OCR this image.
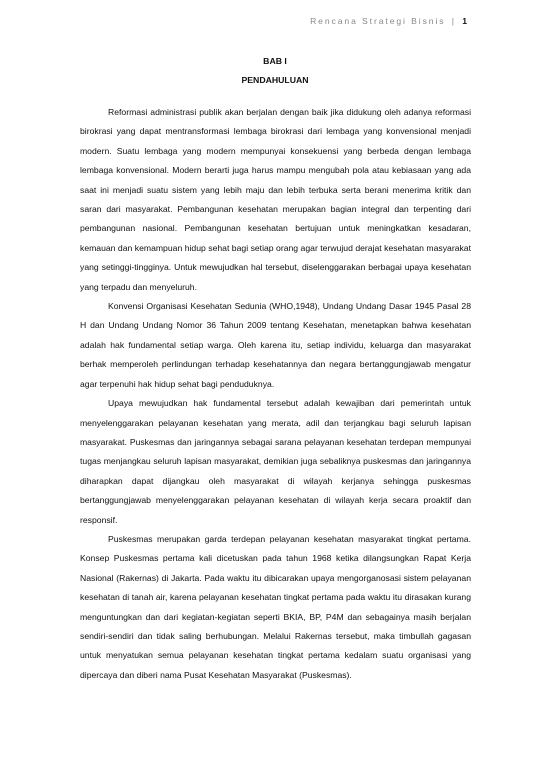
Rencana Strategi Bisnis | 1
BAB I
PENDAHULUAN

Reformasi administrasi publik akan berjalan dengan baik jika didukung oleh adanya reformasi birokrasi yang dapat mentransformasi lembaga birokrasi dari lembaga yang konvensional menjadi modern. Suatu lembaga yang modern mempunyai konsekuensi yang berbeda dengan lembaga lembaga konvensional. Modern berarti juga harus mampu mengubah pola atau kebiasaan yang ada saat ini menjadi suatu sistem yang lebih maju dan lebih terbuka serta berani menerima kritik dan saran dari masyarakat. Pembangunan kesehatan merupakan bagian integral dan terpenting dari pembangunan nasional. Pembangunan kesehatan bertujuan untuk meningkatkan kesadaran, kemauan dan kemampuan hidup sehat bagi setiap orang agar terwujud derajat kesehatan masyarakat yang setinggi-tingginya. Untuk mewujudkan hal tersebut, diselenggarakan berbagai upaya kesehatan yang terpadu dan menyeluruh.

Konvensi Organisasi Kesehatan Sedunia (WHO,1948), Undang Undang Dasar 1945 Pasal 28 H dan Undang Undang Nomor 36 Tahun 2009 tentang Kesehatan, menetapkan bahwa kesehatan adalah hak fundamental setiap warga. Oleh karena itu, setiap individu, keluarga dan masyarakat berhak memperoleh perlindungan terhadap kesehatannya dan negara bertanggungjawab mengatur agar terpenuhi hak hidup sehat bagi penduduknya.

Upaya mewujudkan hak fundamental tersebut adalah kewajiban dari pemerintah untuk menyelenggarakan pelayanan kesehatan yang merata, adil dan terjangkau bagi seluruh lapisan masyarakat. Puskesmas dan jaringannya sebagai sarana pelayanan kesehatan terdepan mempunyai tugas menjangkau seluruh lapisan masyarakat, demikian juga sebaliknya puskesmas dan jaringannya diharapkan dapat dijangkau oleh masyarakat di wilayah kerjanya sehingga puskesmas bertanggungjawab menyelenggarakan pelayanan kesehatan di wilayah kerja secara proaktif dan responsif.

Puskesmas merupakan garda terdepan pelayanan kesehatan masyarakat tingkat pertama. Konsep Puskesmas pertama kali dicetuskan pada tahun 1968 ketika dilangsungkan Rapat Kerja Nasional (Rakernas) di Jakarta. Pada waktu itu dibicarakan upaya mengorganosasi sistem pelayanan kesehatan di tanah air, karena pelayanan kesehatan tingkat pertama pada waktu itu dirasakan kurang menguntungkan dan dari kegiatan-kegiatan seperti BKIA, BP, P4M dan sebagainya masih berjalan sendiri-sendiri dan tidak saling berhubungan. Melalui Rakernas tersebut, maka timbullah gagasan untuk menyatukan semua pelayanan kesehatan tingkat pertama kedalam suatu organisasi yang dipercaya dan diberi nama Pusat Kesehatan Masyarakat (Puskesmas).
